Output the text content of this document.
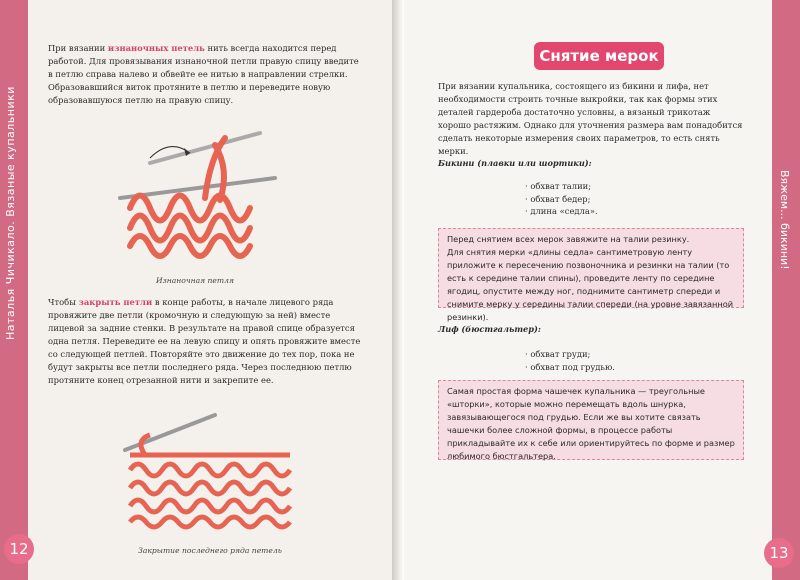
Наталья Чичикало. Вязаные купальники
12
При вязании изнаночных петель нить всегда находится перед работой. Для провязывания изнаночной петли правую спицу введите в петлю справа налево и обвейте ее нитью в направлении стрелки. Образовавшийся виток протяните в петлю и переведите новую образовавшуюся петлю на правую спицу.
Изнаночная петля
Чтобы закрыть петли в конце работы, в начале лицевого ряда провяжите две петли (кромочную и следующую за ней) вместе лицевой за задние стенки. В результате на правой спице образуется одна петля. Переведите ее на левую спицу и опять провяжите вместе со следующей петлей. Повторяйте это движение до тех пор, пока не будут закрыты все петли последнего ряда. Через последнюю петлю протяните конец отрезанной нити и закрепите ее.
Закрытие последнего ряда петель
Вяжем... бикини!
13
Снятие мерок
При вязании купальника, состоящего из бикини и лифа, нет необходимости строить точные выкройки, так как формы этих деталей гардероба достаточно условны, а вязаный трикотаж хорошо растяжим. Однако для уточнения размера вам понадобится сделать некоторые измерения своих параметров, то есть снять мерки.
Бикини (плавки или шортики):
· обхват талии;
· обхват бедер;
· длина «седла».
Перед снятием всех мерок завяжите на талии резинку.
Для снятия мерки «длины седла» сантиметровую ленту приложите к пересечению позвоночника и резинки на талии (то есть к середине талии спины), проведите ленту по середине ягодиц, опустите между ног, поднимите сантиметр спереди и снимите мерку у середины талии спереди (на уровне завязанной резинки).
Лиф (бюстгальтер):
· обхват груди;
· обхват под грудью.
Самая простая форма чашечек купальника — треугольные «шторки», которые можно перемещать вдоль шнурка, завязывающегося под грудью. Если же вы хотите связать чашечки более сложной формы, в процессе работы прикладывайте их к себе или ориентируйтесь по форме и размер любимого бюстгальтера.
